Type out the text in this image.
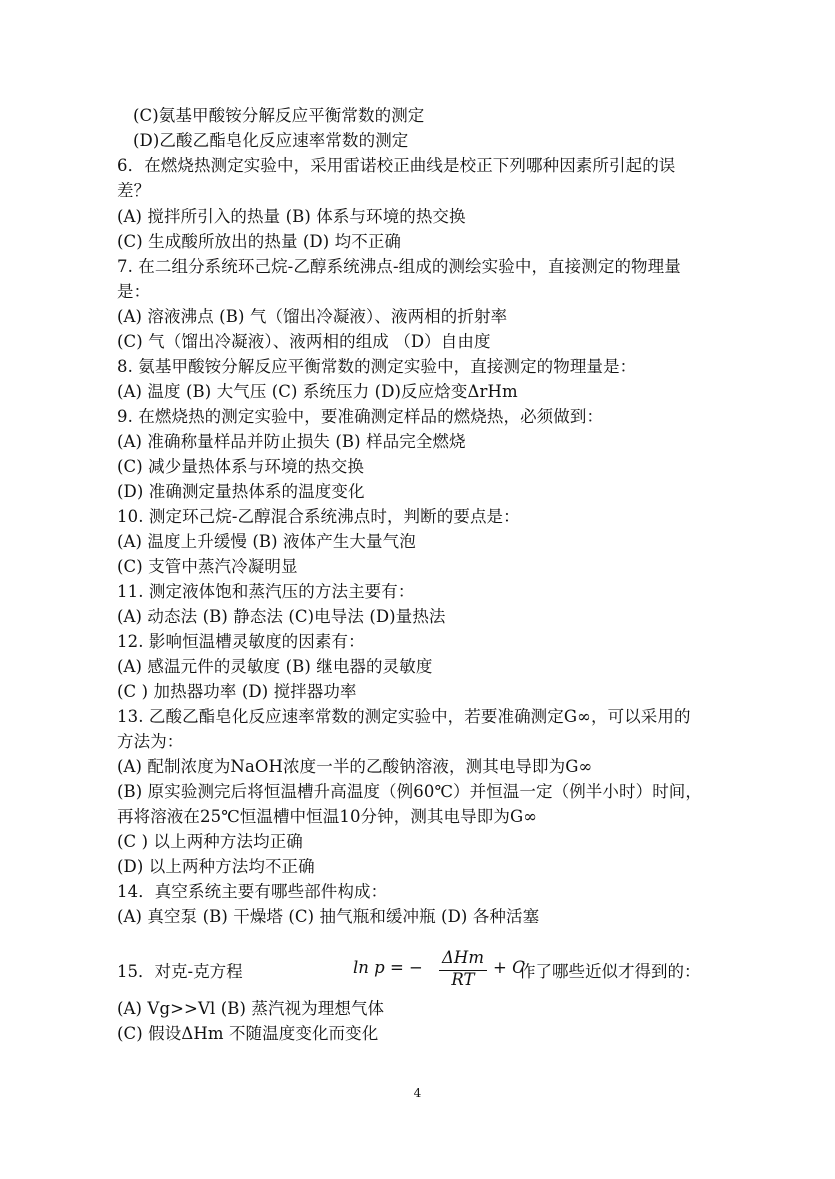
(C)氨基甲酸铵分解反应平衡常数的测定
(D)乙酸乙酯皂化反应速率常数的测定
6．在燃烧热测定实验中，采用雷诺校正曲线是校正下列哪种因素所引起的误
差？
(A) 搅拌所引入的热量 (B) 体系与环境的热交换
(C) 生成酸所放出的热量 (D) 均不正确
7. 在二组分系统环己烷-乙醇系统沸点-组成的测绘实验中，直接测定的物理量
是：
(A) 溶液沸点 (B) 气（馏出冷凝液）、液两相的折射率
(C) 气（馏出冷凝液）、液两相的组成 （D）自由度
8. 氨基甲酸铵分解反应平衡常数的测定实验中，直接测定的物理量是：
(A) 温度 (B) 大气压 (C) 系统压力 (D)反应焓变ΔrHm
9. 在燃烧热的测定实验中，要准确测定样品的燃烧热，必须做到：
(A) 准确称量样品并防止损失 (B) 样品完全燃烧
(C) 减少量热体系与环境的热交换
(D) 准确测定量热体系的温度变化
10. 测定环己烷-乙醇混合系统沸点时，判断的要点是：
(A) 温度上升缓慢 (B) 液体产生大量气泡
(C) 支管中蒸汽冷凝明显
11. 测定液体饱和蒸汽压的方法主要有：
(A) 动态法 (B) 静态法 (C)电导法 (D)量热法
12. 影响恒温槽灵敏度的因素有：
(A) 感温元件的灵敏度 (B) 继电器的灵敏度
(C ) 加热器功率 (D) 搅拌器功率
13. 乙酸乙酯皂化反应速率常数的测定实验中，若要准确测定G∞，可以采用的
方法为：
(A) 配制浓度为NaOH浓度一半的乙酸钠溶液，测其电导即为G∞
(B) 原实验测完后将恒温槽升高温度（例60℃）并恒温一定（例半小时）时间，
再将溶液在25℃恒温槽中恒温10分钟，测其电导即为G∞
(C ) 以上两种方法均正确
(D) 以上两种方法均不正确
14．真空系统主要有哪些部件构成：
(A) 真空泵 (B) 干燥塔 (C) 抽气瓶和缓冲瓶 (D) 各种活塞
15．对克-克方程	ln p = −
ΔHm
RT
+ C
作了哪些近似才得到的：
(A) Vg>>Vl (B) 蒸汽视为理想气体
(C) 假设ΔHm 不随温度变化而变化
4
